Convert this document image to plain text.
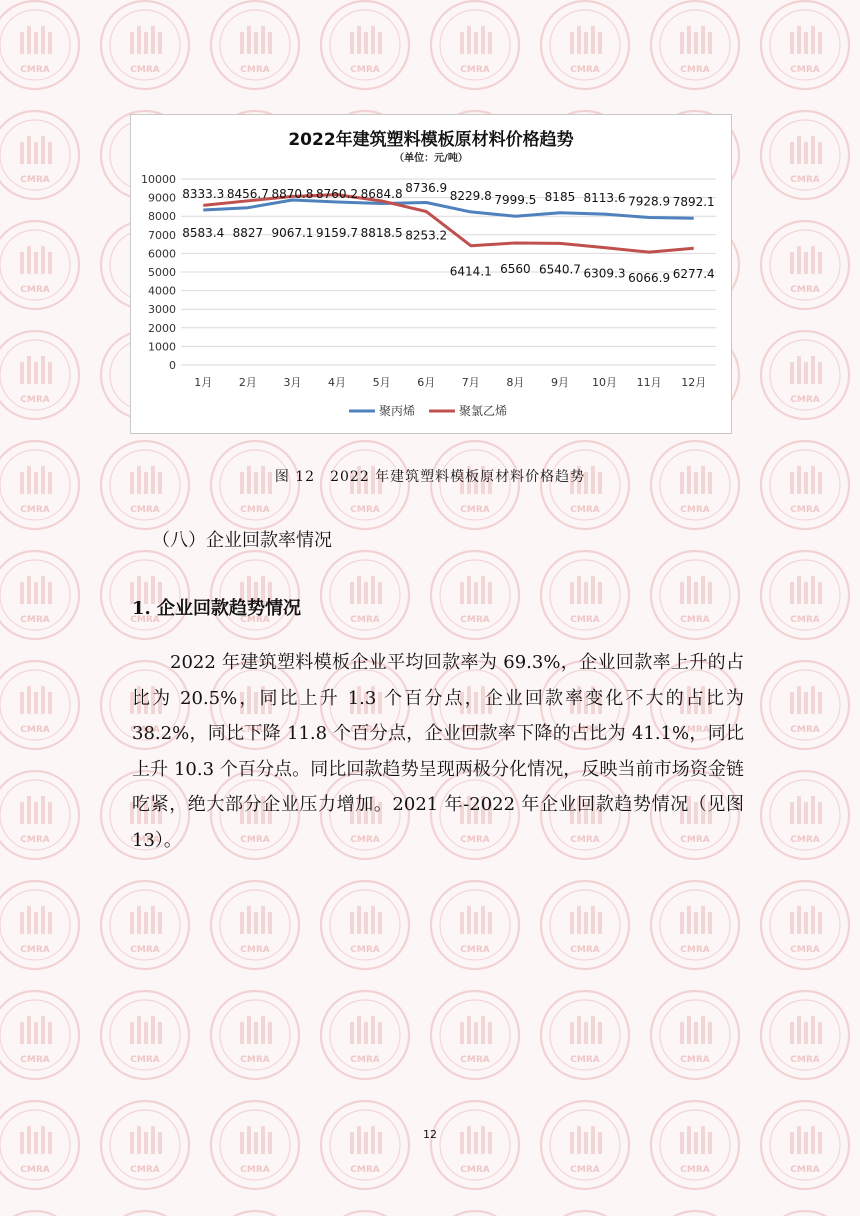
2022年建筑塑料模板原材料价格趋势
（单位：元/吨）
0
1000
2000
3000
4000
5000
6000
7000
8000
9000
10000
1月 2月 3月 4月 5月 6月 7月 8月 9月 10月 11月 12月
8333.3 8456.7 8870.8 8760.2 8684.8 8736.9
8229.8 7999.5 8185 8113.6 7928.9 7892.1
8583.4 8827 9067.1 9159.7 8818.5 8253.2
6414.1 6560 6540.7 6309.3 6066.9 6277.4
聚丙烯	聚氯乙烯
图 12　2022 年建筑塑料模板原材料价格趋势
（八）企业回款率情况
1. 企业回款趋势情况

2022 年建筑塑料模板企业平均回款率为 69.3%，企业回款率上升的占比为 20.5%，同比上升 1.3 个百分点，企业回款率变化不大的占比为 38.2%，同比下降 11.8 个百分点，企业回款率下降的占比为 41.1%，同比上升 10.3 个百分点。同比回款趋势呈现两极分化情况，反映当前市场资金链吃紧，绝大部分企业压力增加。2021 年-2022 年企业回款趋势情况（见图 13）。

12
